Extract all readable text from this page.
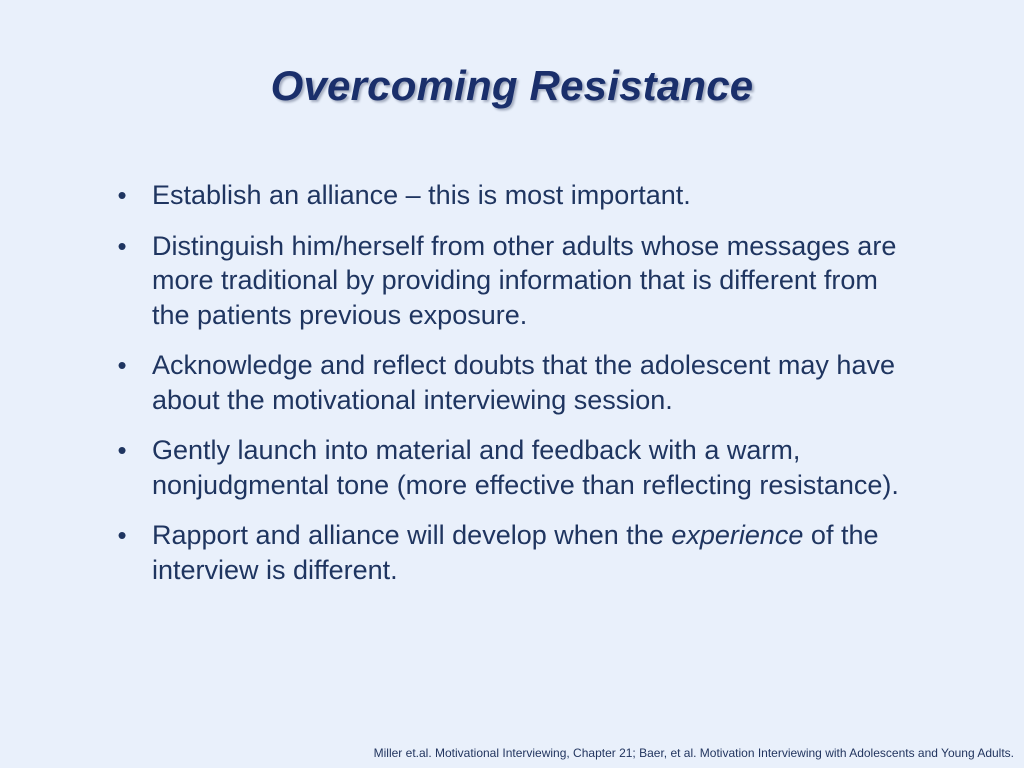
Overcoming Resistance
• Establish an alliance – this is most important.
• Distinguish him/herself from other adults whose messages are more traditional by providing information that is different from the patients previous exposure.
• Acknowledge and reflect doubts that the adolescent may have about the motivational interviewing session.
• Gently launch into material and feedback with a warm, nonjudgmental tone (more effective than reflecting resistance).
• Rapport and alliance will develop when the experience of the interview is different.
Miller et.al. Motivational Interviewing, Chapter 21; Baer, et al. Motivation Interviewing with Adolescents and Young Adults.
